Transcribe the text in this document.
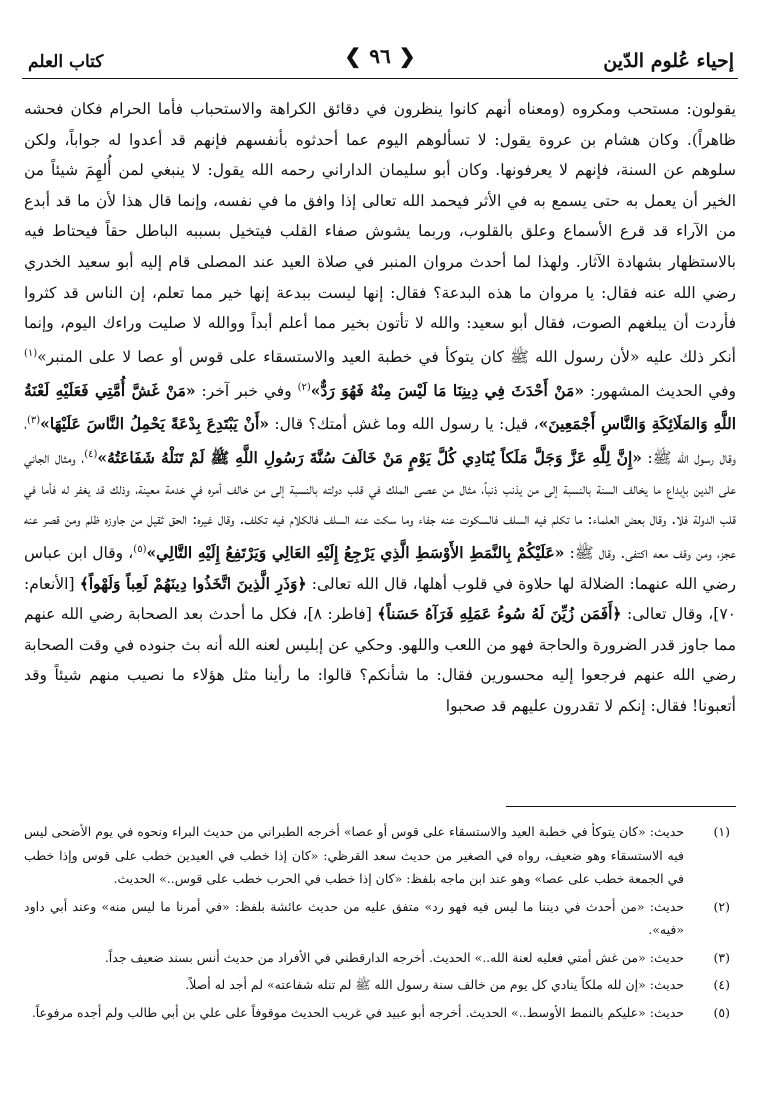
إحياء عُلوم الدّين
❮ ٩٦ ❯
كتاب العلم

يقولون: مستحب ومكروه (ومعناه أنهم كانوا ينظرون في دقائق الكراهة والاستحباب فأما الحرام فكان فحشه ظاهراً). وكان هشام بن عروة يقول: لا تسألوهم اليوم عما أحدثوه بأنفسهم فإنهم قد أعدوا له جواباً، ولكن سلوهم عن السنة، فإنهم لا يعرفونها. وكان أبو سليمان الداراني رحمه الله يقول: لا ينبغي لمن أُلهِمَ شيئاً من الخير أن يعمل به حتى يسمع به في الأثر فيحمد الله تعالى إذا وافق ما في نفسه، وإنما قال هذا لأن ما قد أبدع من الآراء قد قرع الأسماع وعلق بالقلوب، وربما يشوش صفاء القلب فيتخيل بسببه الباطل حقاً فيحتاط فيه بالاستظهار بشهادة الآثار. ولهذا لما أحدث مروان المنبر في صلاة العيد عند المصلى قام إليه أبو سعيد الخدري رضي الله عنه فقال: يا مروان ما هذه البدعة؟ فقال: إنها ليست ببدعة إنها خير مما تعلم، إن الناس قد كثروا فأردت أن يبلغهم الصوت، فقال أبو سعيد: والله لا تأتون بخير مما أعلم أبداً ووالله لا صليت وراءك اليوم، وإنما أنكر ذلك عليه «لأن رسول الله ﷺ كان يتوكأ في خطبة العيد والاستسقاء على قوس أو عصا لا على المنبر»$^{(١)}$ وفي الحديث المشهور: «مَنْ أَحْدَثَ فِي دِينِنَا مَا لَيْسَ مِنْهُ فَهُوَ رَدٌّ»$^{(٢)}$ وفي خبر آخر: «مَنْ غَشَّ أُمَّتِي فَعَلَيْهِ لَعْنَةُ اللَّهِ وَالمَلَائِكَةِ وَالنَّاسِ أَجْمَعِينَ»، قيل: يا رسول الله وما غش أمتك؟ قال: «أَنْ يَبْتَدِعَ بِدْعَةً يَحْمِلُ النَّاسَ عَلَيْهَا»$^{(٣)}$، وقال رسول الله ﷺ: «إِنَّ لِلَّهِ عَزَّ وَجَلَّ مَلَكاً يُنَادِي كُلَّ يَوْمٍ مَنْ خَالَفَ سُنَّةَ رَسُولِ اللَّهِ ﷺ لَمْ تَنَلْهُ شَفَاعَتُهُ»$^{(٤)}$، ومثال الجاني على الدين بإبداع ما يخالف السنة بالنسبة إلى من يذنب ذنباً، مثال من عصى الملك في قلب دولته بالنسبة إلى من خالف أمره في خدمة معينة، وذلك قد يغفر له فأما في قلب الدولة فلا. وقال بعض العلماء: ما تكلم فيه السلف فالسكوت عنه جفاء وما سكت عنه السلف فالكلام فيه تكلف. وقال غيره: الحق ثقيل من جاوزه ظلم ومن قصر عنه عجز، ومن وقف معه اكتفى. وقال ﷺ: «عَلَيْكُمْ بِالنَّمَطِ الأَوْسَطِ الَّذِي يَرْجِعُ إِلَيْهِ العَالِي وَيَرْتَفِعُ إِلَيْهِ التَّالِي»$^{(٥)}$، وقال ابن عباس رضي الله عنهما: الضلالة لها حلاوة في قلوب أهلها، قال الله تعالى: ﴿وَذَرِ الَّذِينَ اتَّخَذُوا دِينَهُمْ لَعِباً وَلَهْواً﴾ [الأنعام: ٧٠]، وقال تعالى: ﴿أَفَمَن زُيِّنَ لَهُ سُوءُ عَمَلِهِ فَرَآهُ حَسَناً﴾ [فاطر: ٨]، فكل ما أحدث بعد الصحابة رضي الله عنهم مما جاوز قدر الضرورة والحاجة فهو من اللعب واللهو. وحكي عن إبليس لعنه الله أنه بث جنوده في وقت الصحابة رضي الله عنهم فرجعوا إليه محسورين فقال: ما شأنكم؟ قالوا: ما رأينا مثل هؤلاء ما نصيب منهم شيئاً وقد أتعبونا! فقال: إنكم لا تقدرون عليهم قد صحبوا

(١)
حديث: «كان يتوكأ في خطبة العيد والاستسقاء على قوس أو عصا» أخرجه الطبراني من حديث البراء ونحوه في يوم الأضحى ليس فيه الاستسقاء وهو ضعيف، رواه في الصغير من حديث سعد القرظي: «كان إذا خطب في العيدين خطب على قوس وإذا خطب في الجمعة خطب على عصا» وهو عند ابن ماجه بلفظ: «كان إذا خطب في الحرب خطب على قوس..» الحديث.
(٢)
حديث: «من أحدث في ديننا ما ليس فيه فهو رد» متفق عليه من حديث عائشة بلفظ: «في أمرنا ما ليس منه» وعند أبي داود «فيه».
(٣)
حديث: «من غش أمتي فعليه لعنة الله..» الحديث. أخرجه الدارقطني في الأفراد من حديث أنس بسند ضعيف جداً.
(٤)
حديث: «إن لله ملكاً ينادي كل يوم من خالف سنة رسول الله ﷺ لم تنله شفاعته» لم أجد له أصلاً.
(٥)
حديث: «عليكم بالنمط الأوسط..» الحديث. أخرجه أبو عبيد في غريب الحديث موقوفاً على علي بن أبي طالب ولم أجده مرفوعاً.
